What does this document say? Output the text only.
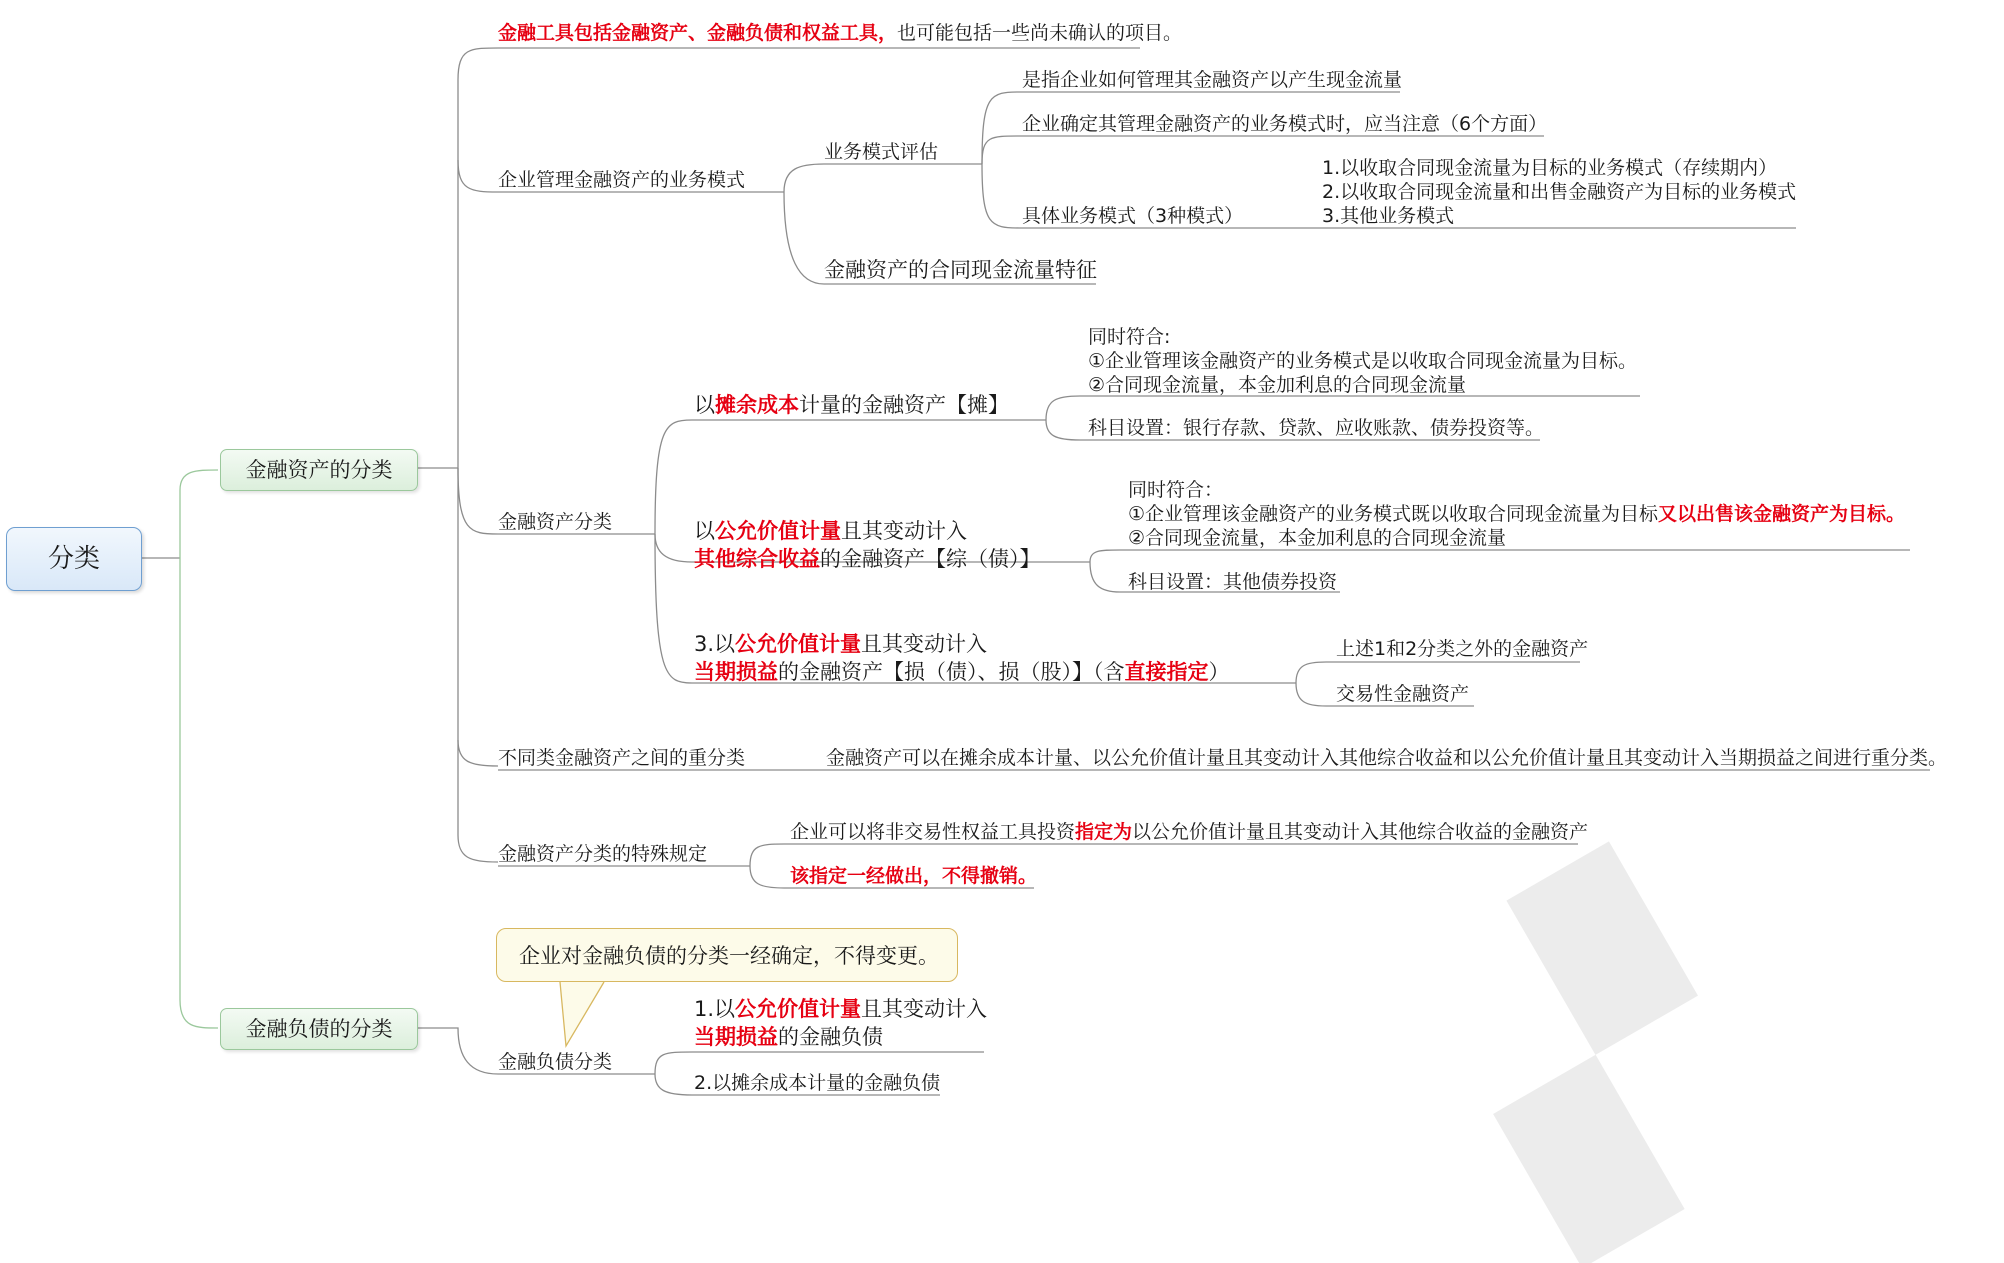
▞
分类
金融资产的分类
金融工具包括金融资产、金融负债和权益工具，也可能包括一些尚未确认的项目。
企业管理金融资产的业务模式
业务模式评估
是指企业如何管理其金融资产以产生现金流量
企业确定其管理金融资产的业务模式时，应当注意（6个方面）
具体业务模式（3种模式）
1.以收取合同现金流量为目标的业务模式（存续期内）
2.以收取合同现金流量和出售金融资产为目标的业务模式
3.其他业务模式
金融资产的合同现金流量特征
金融资产分类
以摊余成本计量的金融资产【摊】
同时符合:
①企业管理该金融资产的业务模式是以收取合同现金流量为目标。
②合同现金流量，本金加利息的合同现金流量
科目设置：银行存款、贷款、应收账款、债券投资等。
以公允价值计量且其变动计入
其他综合收益的金融资产【综（债）】
同时符合：
①企业管理该金融资产的业务模式既以收取合同现金流量为目标又以出售该金融资产为目标。
②合同现金流量，本金加利息的合同现金流量
科目设置：其他债券投资
3.以公允价值计量且其变动计入
当期损益的金融资产【损（债）、损（股）】（含直接指定）
上述1和2分类之外的金融资产
交易性金融资产
不同类金融资产之间的重分类	金融资产可以在摊余成本计量、以公允价值计量且其变动计入其他综合收益和以公允价值计量且其变动计入当期损益之间进行重分类。
金融资产分类的特殊规定
企业可以将非交易性权益工具投资指定为以公允价值计量且其变动计入其他综合收益的金融资产
该指定一经做出，不得撤销。
金融负债的分类
企业对金融负债的分类一经确定，不得变更。
金融负债分类
1.以公允价值计量且其变动计入
当期损益的金融负债
2.以摊余成本计量的金融负债
